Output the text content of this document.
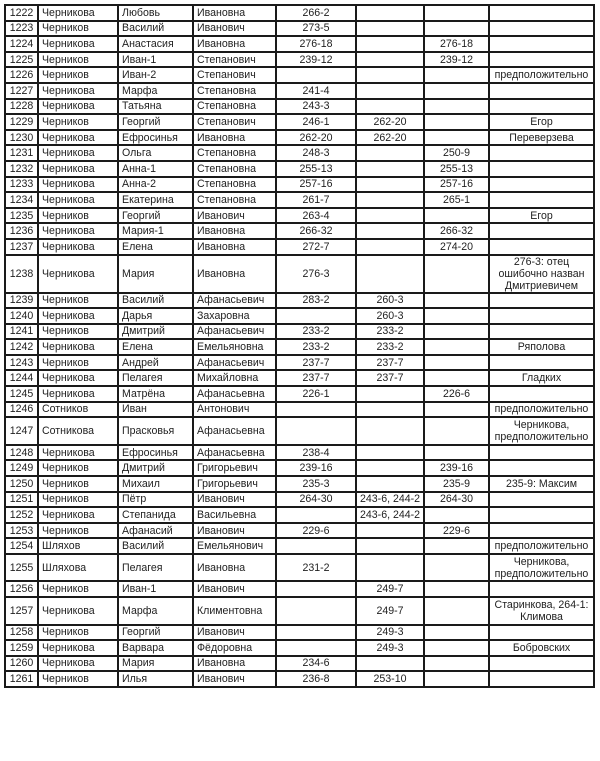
1222	Черникова	Любовь	Ивановна	266-2			
1223	Черников	Василий	Иванович	273-5			
1224	Черникова	Анастасия	Ивановна	276-18		276-18	
1225	Черников	Иван-1	Степанович	239-12		239-12	
1226	Черников	Иван-2	Степанович				предположительно
1227	Черникова	Марфа	Степановна	241-4			
1228	Черникова	Татьяна	Степановна	243-3			
1229	Черников	Георгий	Степанович	246-1	262-20		Егор
1230	Черникова	Ефросинья	Ивановна	262-20	262-20		Переверзева
1231	Черникова	Ольга	Степановна	248-3		250-9	
1232	Черникова	Анна-1	Степановна	255-13		255-13	
1233	Черникова	Анна-2	Степановна	257-16		257-16	
1234	Черникова	Екатерина	Степановна	261-7		265-1	
1235	Черников	Георгий	Иванович	263-4			Егор
1236	Черникова	Мария-1	Ивановна	266-32		266-32	
1237	Черникова	Елена	Ивановна	272-7		274-20	
1238	Черникова	Мария	Ивановна	276-3			276-3: отец ошибочно назван Дмитриевичем
1239	Черников	Василий	Афанасьевич	283-2	260-3		
1240	Черникова	Дарья	Захаровна		260-3		
1241	Черников	Дмитрий	Афанасьевич	233-2	233-2		
1242	Черникова	Елена	Емельяновна	233-2	233-2		Ряполова
1243	Черников	Андрей	Афанасьевич	237-7	237-7		
1244	Черникова	Пелагея	Михайловна	237-7	237-7		Гладких
1245	Черникова	Матрёна	Афанасьевна	226-1		226-6	
1246	Сотников	Иван	Антонович				предположительно
1247	Сотникова	Прасковья	Афанасьевна				Черникова, предположительно
1248	Черникова	Ефросинья	Афанасьевна	238-4			
1249	Черников	Дмитрий	Григорьевич	239-16		239-16	
1250	Черников	Михаил	Григорьевич	235-3		235-9	235-9: Максим
1251	Черников	Пётр	Иванович	264-30	243-6, 244-2	264-30	
1252	Черникова	Степанида	Васильевна		243-6, 244-2		
1253	Черников	Афанасий	Иванович	229-6		229-6	
1254	Шляхов	Василий	Емельянович				предположительно
1255	Шляхова	Пелагея	Ивановна	231-2			Черникова, предположительно
1256	Черников	Иван-1	Иванович		249-7		
1257	Черникова	Марфа	Климентовна		249-7		Старинкова, 264-1: Климова
1258	Черников	Георгий	Иванович		249-3		
1259	Черникова	Варвара	Фёдоровна		249-3		Бобровских
1260	Черникова	Мария	Ивановна	234-6			
1261	Черников	Илья	Иванович	236-8	253-10		
